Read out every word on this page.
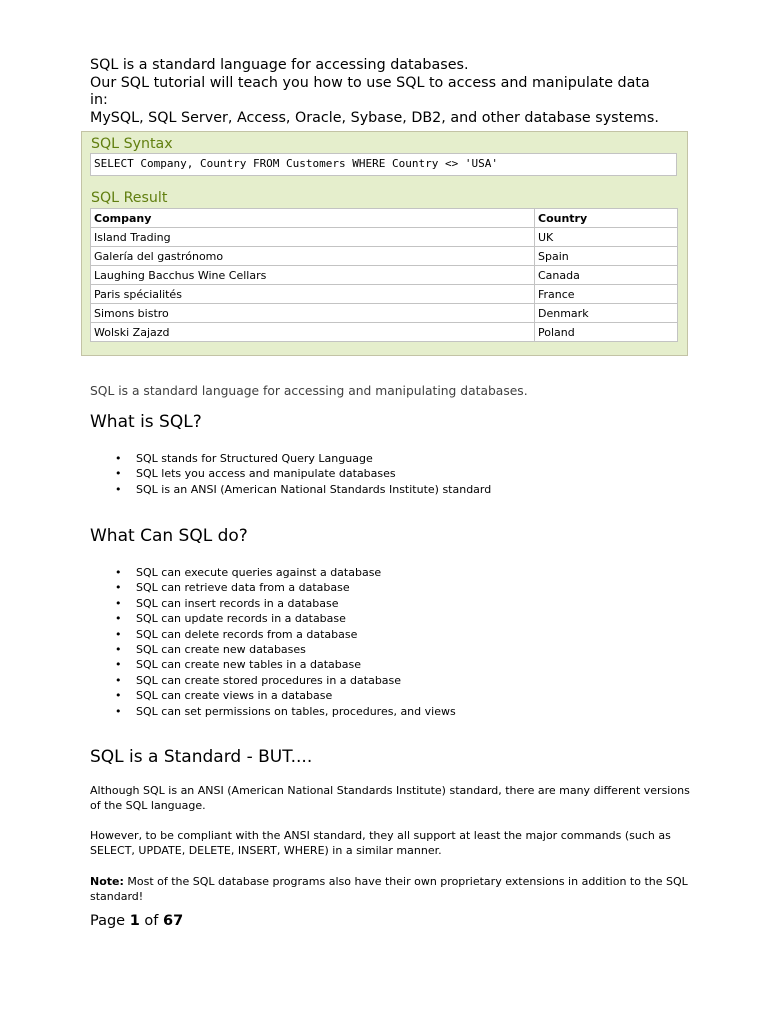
SQL is a standard language for accessing databases.
Our SQL tutorial will teach you how to use SQL to access and manipulate data
in:
MySQL, SQL Server, Access, Oracle, Sybase, DB2, and other database systems.
SQL Syntax
SELECT Company, Country FROM Customers WHERE Country <> 'USA'
SQL Result
Company	Country
Island Trading	UK
Galería del gastrónomo	Spain
Laughing Bacchus Wine Cellars	Canada
Paris spécialités	France
Simons bistro	Denmark
Wolski Zajazd	Poland
SQL is a standard language for accessing and manipulating databases.
What is SQL?
• SQL stands for Structured Query Language
• SQL lets you access and manipulate databases
• SQL is an ANSI (American National Standards Institute) standard
What Can SQL do?
• SQL can execute queries against a database
• SQL can retrieve data from a database
• SQL can insert records in a database
• SQL can update records in a database
• SQL can delete records from a database
• SQL can create new databases
• SQL can create new tables in a database
• SQL can create stored procedures in a database
• SQL can create views in a database
• SQL can set permissions on tables, procedures, and views
SQL is a Standard - BUT....
Although SQL is an ANSI (American National Standards Institute) standard, there are many different versions of the SQL language.
However, to be compliant with the ANSI standard, they all support at least the major commands (such as SELECT, UPDATE, DELETE, INSERT, WHERE) in a similar manner.
Note: Most of the SQL database programs also have their own proprietary extensions in addition to the SQL standard!
Page 1 of 67
